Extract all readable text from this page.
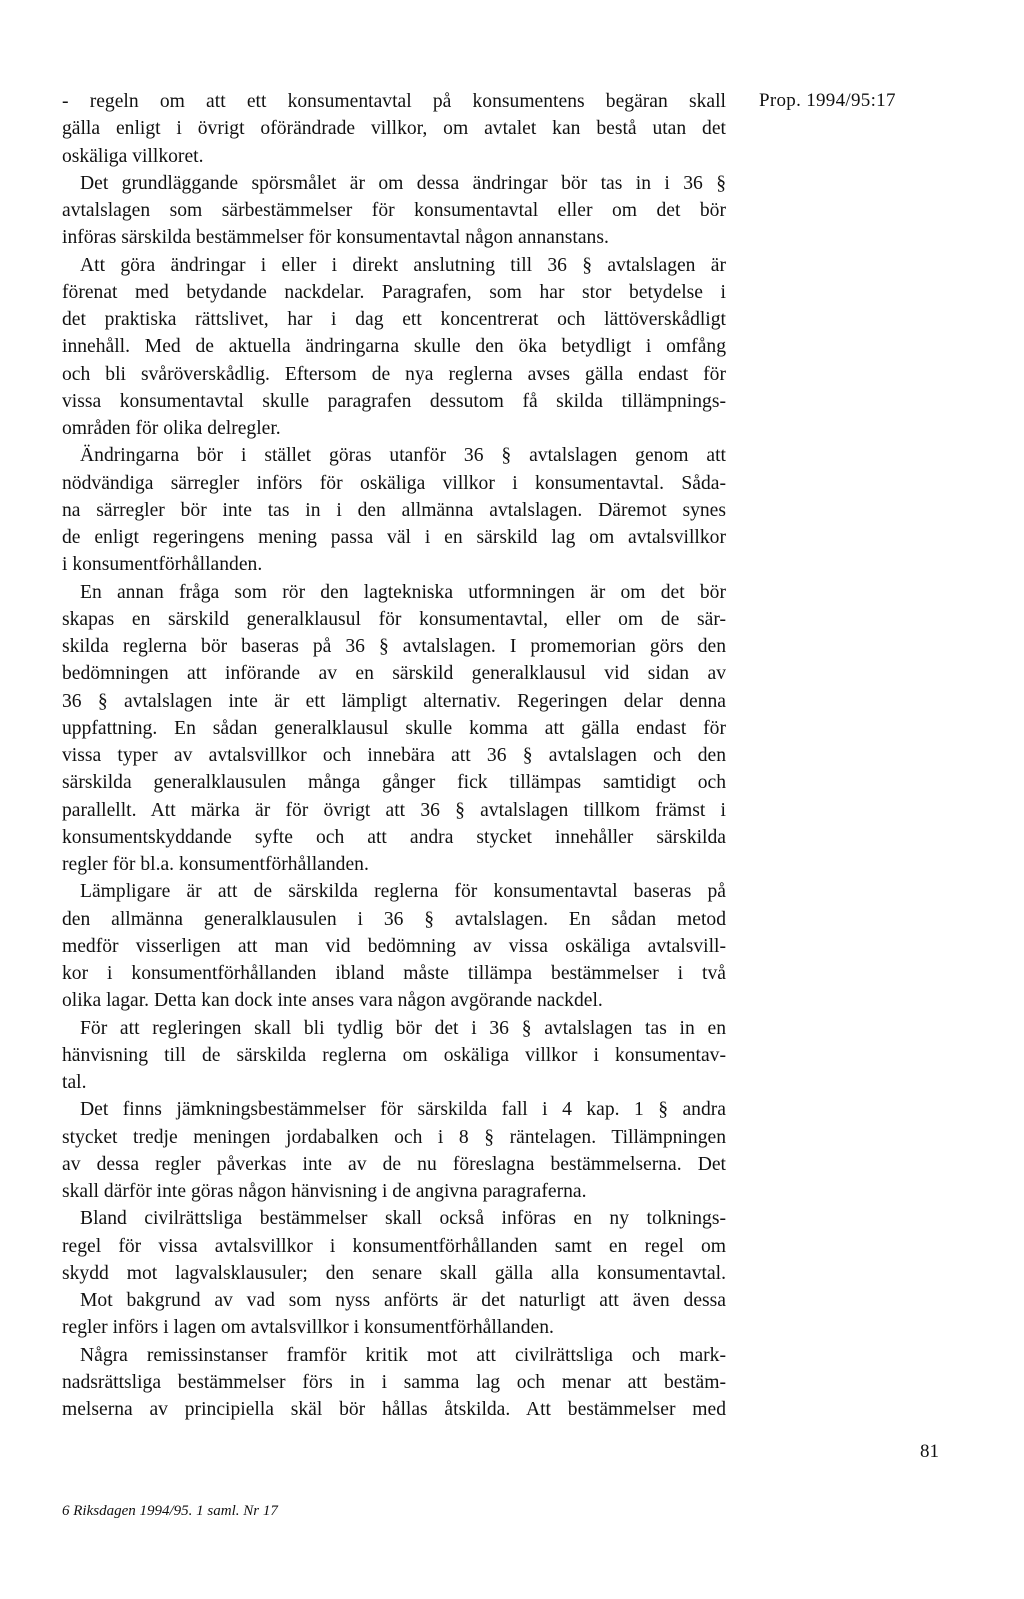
Prop. 1994/95:17
- regeln om att ett konsumentavtal på konsumentens begäran skall
gälla enligt i övrigt oförändrade villkor, om avtalet kan bestå utan det
oskäliga villkoret.
Det grundläggande spörsmålet är om dessa ändringar bör tas in i 36 §
avtalslagen som särbestämmelser för konsumentavtal eller om det bör
införas särskilda bestämmelser för konsumentavtal någon annanstans.
Att göra ändringar i eller i direkt anslutning till 36 § avtalslagen är
förenat med betydande nackdelar. Paragrafen, som har stor betydelse i
det praktiska rättslivet, har i dag ett koncentrerat och lättöverskådligt
innehåll. Med de aktuella ändringarna skulle den öka betydligt i omfång
och bli svåröverskådlig. Eftersom de nya reglerna avses gälla endast för
vissa konsumentavtal skulle paragrafen dessutom få skilda tillämpnings-
områden för olika delregler.
Ändringarna bör i stället göras utanför 36 § avtalslagen genom att
nödvändiga särregler införs för oskäliga villkor i konsumentavtal. Såda-
na särregler bör inte tas in i den allmänna avtalslagen. Däremot synes
de enligt regeringens mening passa väl i en särskild lag om avtalsvillkor
i konsumentförhållanden.
En annan fråga som rör den lagtekniska utformningen är om det bör
skapas en särskild generalklausul för konsumentavtal, eller om de sär-
skilda reglerna bör baseras på 36 § avtalslagen. I promemorian görs den
bedömningen att införande av en särskild generalklausul vid sidan av
36 § avtalslagen inte är ett lämpligt alternativ. Regeringen delar denna
uppfattning. En sådan generalklausul skulle komma att gälla endast för
vissa typer av avtalsvillkor och innebära att 36 § avtalslagen och den
särskilda generalklausulen många gånger fick tillämpas samtidigt och
parallellt. Att märka är för övrigt att 36 § avtalslagen tillkom främst i
konsumentskyddande syfte och att andra stycket innehåller särskilda
regler för bl.a. konsumentförhållanden.
Lämpligare är att de särskilda reglerna för konsumentavtal baseras på
den allmänna generalklausulen i 36 § avtalslagen. En sådan metod
medför visserligen att man vid bedömning av vissa oskäliga avtalsvill-
kor i konsumentförhållanden ibland måste tillämpa bestämmelser i två
olika lagar. Detta kan dock inte anses vara någon avgörande nackdel.
För att regleringen skall bli tydlig bör det i 36 § avtalslagen tas in en
hänvisning till de särskilda reglerna om oskäliga villkor i konsumentav-
tal.
Det finns jämkningsbestämmelser för särskilda fall i 4 kap. 1 § andra
stycket tredje meningen jordabalken och i 8 § räntelagen. Tillämpningen
av dessa regler påverkas inte av de nu föreslagna bestämmelserna. Det
skall därför inte göras någon hänvisning i de angivna paragraferna.
Bland civilrättsliga bestämmelser skall också införas en ny tolknings-
regel för vissa avtalsvillkor i konsumentförhållanden samt en regel om
skydd mot lagvalsklausuler; den senare skall gälla alla konsumentavtal.
Mot bakgrund av vad som nyss anförts är det naturligt att även dessa
regler införs i lagen om avtalsvillkor i konsumentförhållanden.
Några remissinstanser framför kritik mot att civilrättsliga och mark-
nadsrättsliga bestämmelser förs in i samma lag och menar att bestäm-
melserna av principiella skäl bör hållas åtskilda. Att bestämmelser med
81
6 Riksdagen 1994/95. 1 saml. Nr 17
